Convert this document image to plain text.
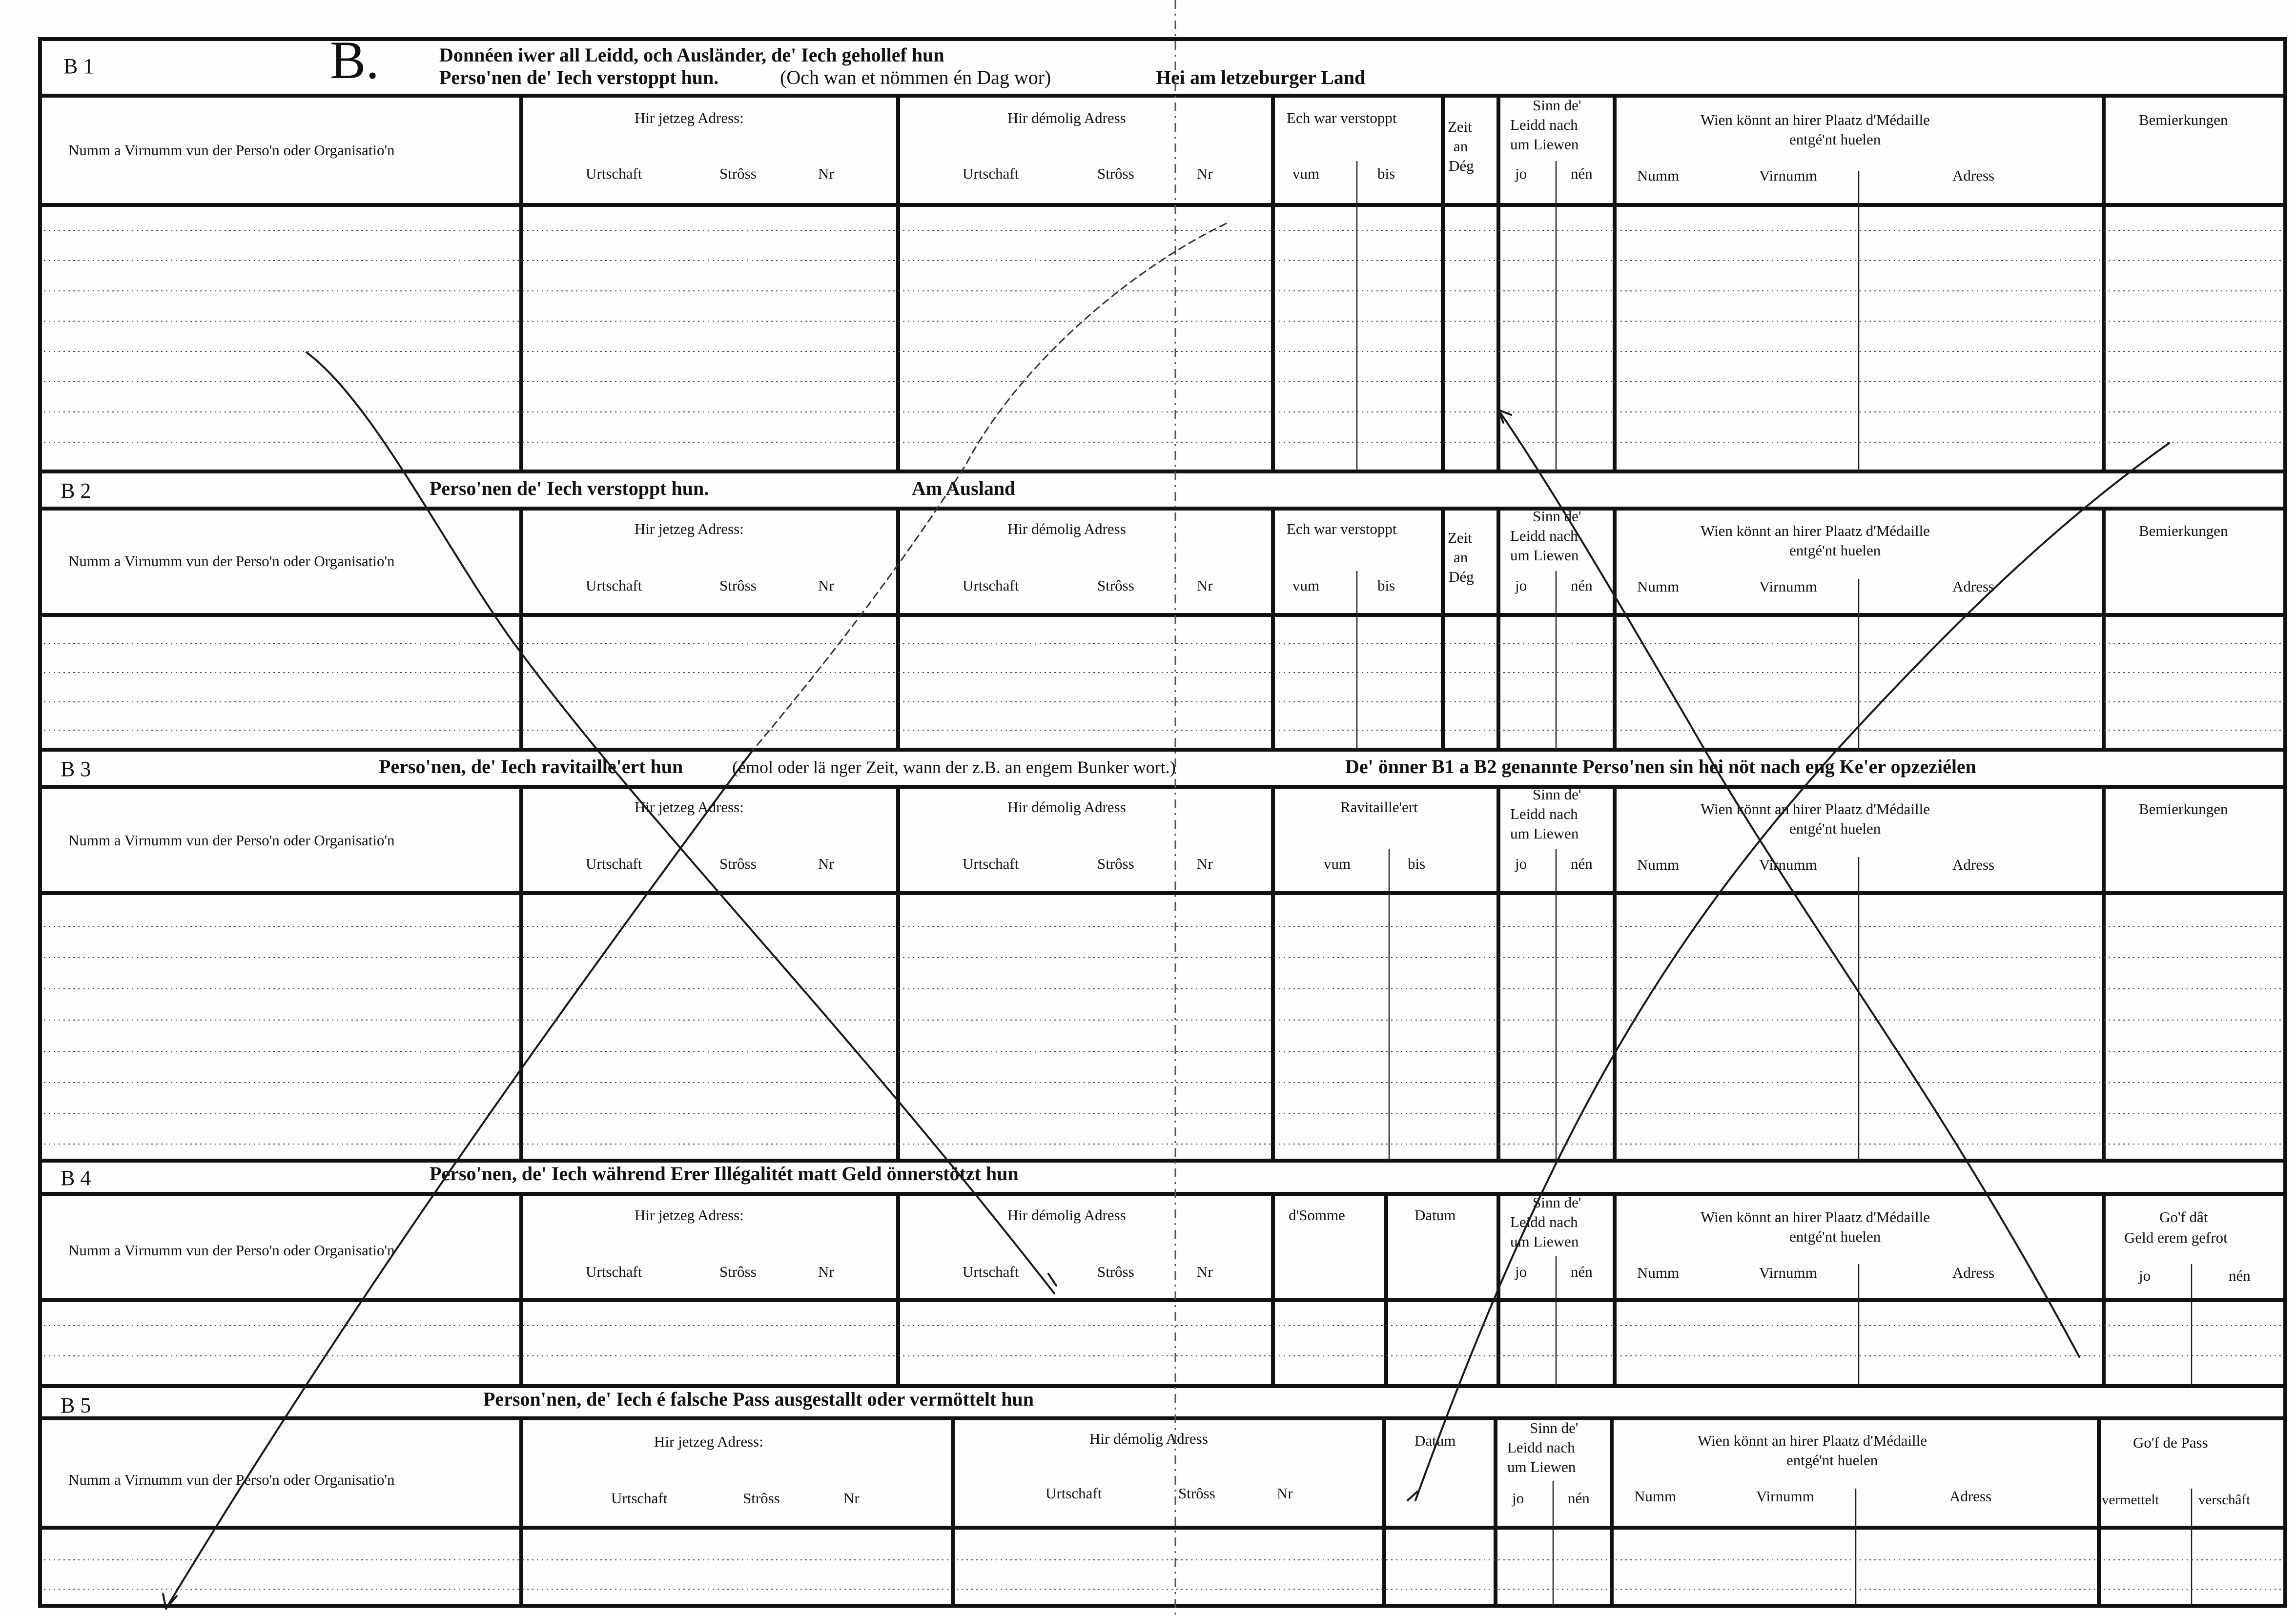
B 1	B.	Donnéen iwer all Leidd, och Ausländer, de' Iech gehollef hun
Perso'nen de' Iech verstoppt hun.	(Och wan et nömmen én Dag wor)	Hei am letzeburger Land
Numm a Virnumm vun der Perso'n oder Organisatio'n
Hir jetzeg Adress:
Urtschaft	Strôss	Nr
Hir démolig Adress
Urtschaft	Strôss	Nr
Ech war verstoppt
vum	bis
Zeit
an
Dég
Sinn de'
Leidd nach
um Liewen
jo	nén
Wien könnt an hirer Plaatz d'Médaille
entgé'nt huelen
Numm	Virnumm	Adress
Bemierkungen
B 2	Perso'nen de' Iech verstoppt hun.	Am Ausland
Numm a Virnumm vun der Perso'n oder Organisatio'n
Hir jetzeg Adress:
Urtschaft	Strôss	Nr
Hir démolig Adress
Urtschaft	Strôss	Nr
Ech war verstoppt
vum	bis
Zeit
an
Dég
Sinn de'
Leidd nach
um Liewen
jo	nén
Wien könnt an hirer Plaatz d'Médaille
entgé'nt huelen
Numm	Virnumm	Adress
Bemierkungen
B 3	Perso'nen, de' Iech ravitaille'ert hun	(émol oder lä nger Zeit, wann der z.B. an engem Bunker wort.)	De' önner B1 a B2 genannte Perso'nen sin hei nöt nach eng Ke'er opzeziélen
Numm a Virnumm vun der Perso'n oder Organisatio'n
Hir jetzeg Adress:
Urtschaft	Strôss	Nr
Hir démolig Adress
Urtschaft	Strôss	Nr
Ravitaille'ert
vum	bis
Sinn de'
Leidd nach
um Liewen
jo	nén
Wien könnt an hirer Plaatz d'Médaille
entgé'nt huelen
Numm	Virnumm	Adress
Bemierkungen
B 4	Perso'nen, de' Iech während Erer Illégalitét matt Geld önnerstötzt hun
Numm a Virnumm vun der Perso'n oder Organisatio'n
Hir jetzeg Adress:
Urtschaft	Strôss	Nr
Hir démolig Adress
Urtschaft	Strôss	Nr
d'Somme	Datum
Sinn de'
Leidd nach
um Liewen
jo	nén
Wien könnt an hirer Plaatz d'Médaille
entgé'nt huelen
Numm	Virnumm	Adress
Go'f dât
Geld erem gefrot
jo	nén
B 5	Person'nen, de' Iech é falsche Pass ausgestallt oder vermöttelt hun
Numm a Virnumm vun der Perso'n oder Organisatio'n
Hir jetzeg Adress:
Urtschaft	Strôss	Nr
Hir démolig Adress
Urtschaft	Strôss	Nr
Datum
Sinn de'
Leidd nach
um Liewen
jo	nén
Wien könnt an hirer Plaatz d'Médaille
entgé'nt huelen
Numm	Virnumm	Adress
Go'f de Pass
vermettelt	verschâft
